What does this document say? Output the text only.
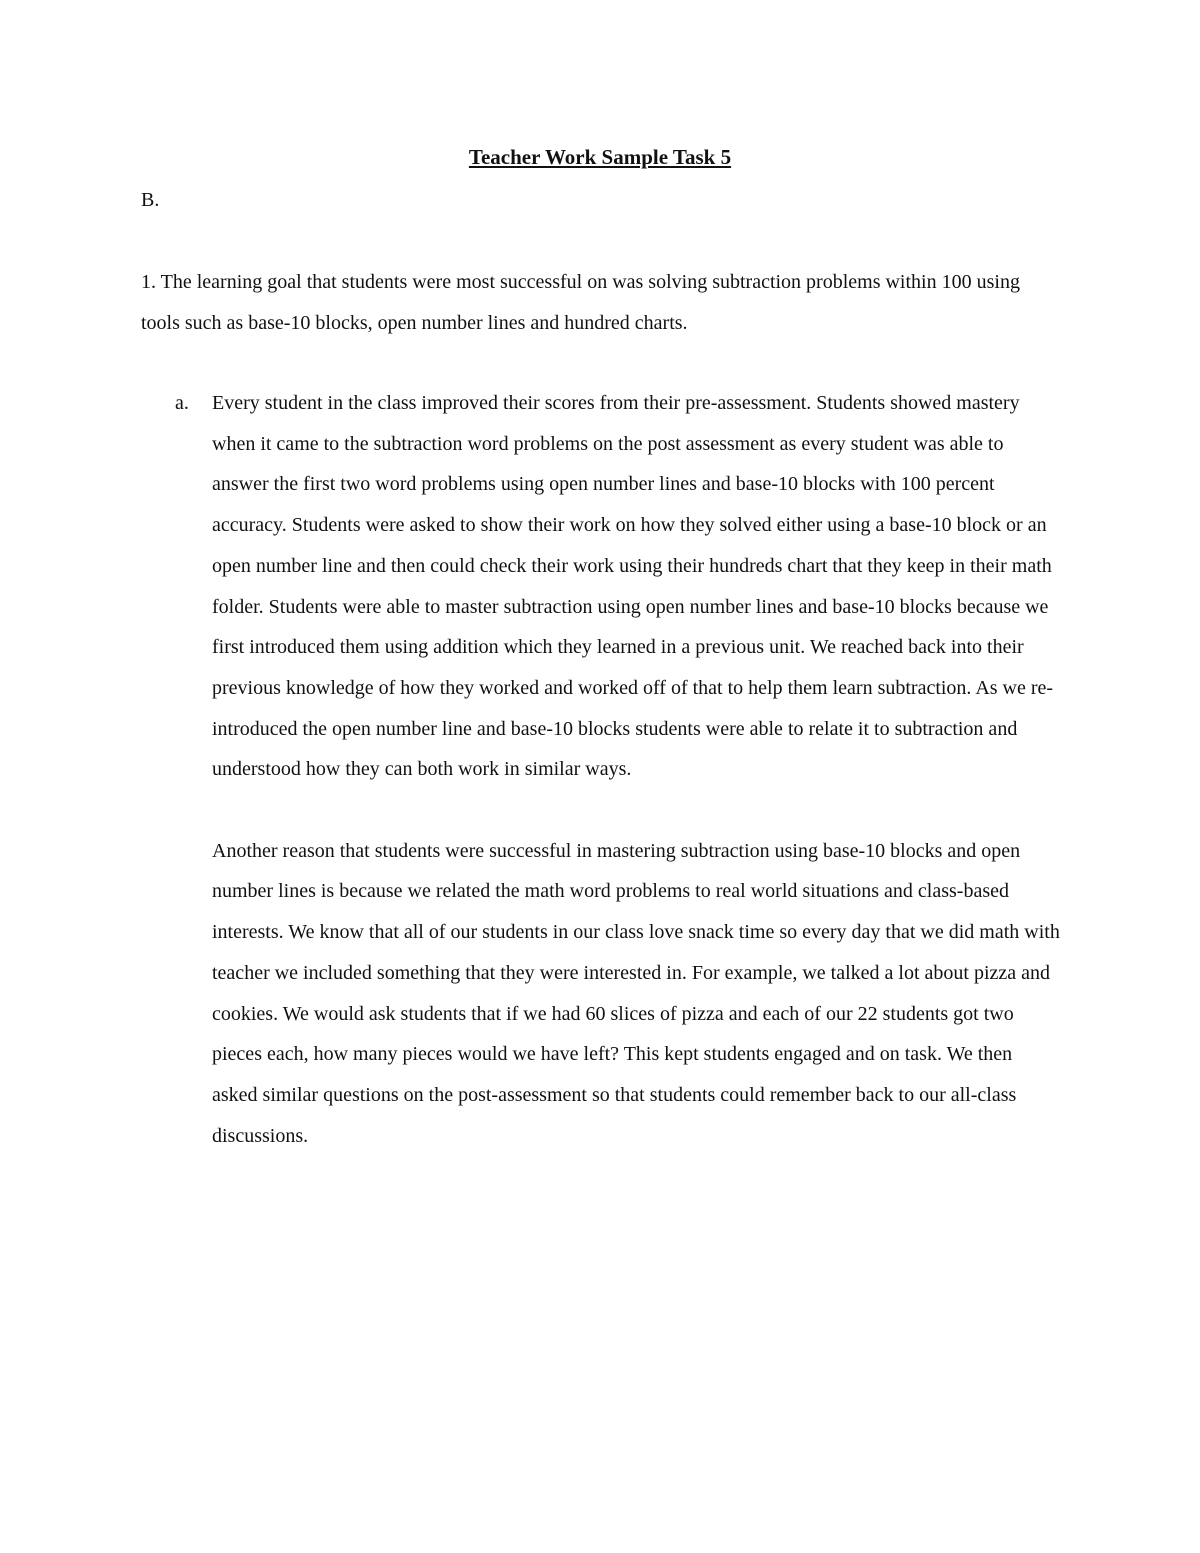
Teacher Work Sample Task 5

B.

1. The learning goal that students were most successful on was solving subtraction problems within 100 using tools such as base-10 blocks, open number lines and hundred charts.

a. Every student in the class improved their scores from their pre-assessment. Students showed mastery when it came to the subtraction word problems on the post assessment as every student was able to answer the first two word problems using open number lines and base-10 blocks with 100 percent accuracy. Students were asked to show their work on how they solved either using a base-10 block or an open number line and then could check their work using their hundreds chart that they keep in their math folder. Students were able to master subtraction using open number lines and base-10 blocks because we first introduced them using addition which they learned in a previous unit. We reached back into their previous knowledge of how they worked and worked off of that to help them learn subtraction. As we re-introduced the open number line and base-10 blocks students were able to relate it to subtraction and understood how they can both work in similar ways.

Another reason that students were successful in mastering subtraction using base-10 blocks and open number lines is because we related the math word problems to real world situations and class-based interests. We know that all of our students in our class love snack time so every day that we did math with teacher we included something that they were interested in. For example, we talked a lot about pizza and cookies. We would ask students that if we had 60 slices of pizza and each of our 22 students got two pieces each, how many pieces would we have left? This kept students engaged and on task. We then asked similar questions on the post-assessment so that students could remember back to our all-class discussions.
